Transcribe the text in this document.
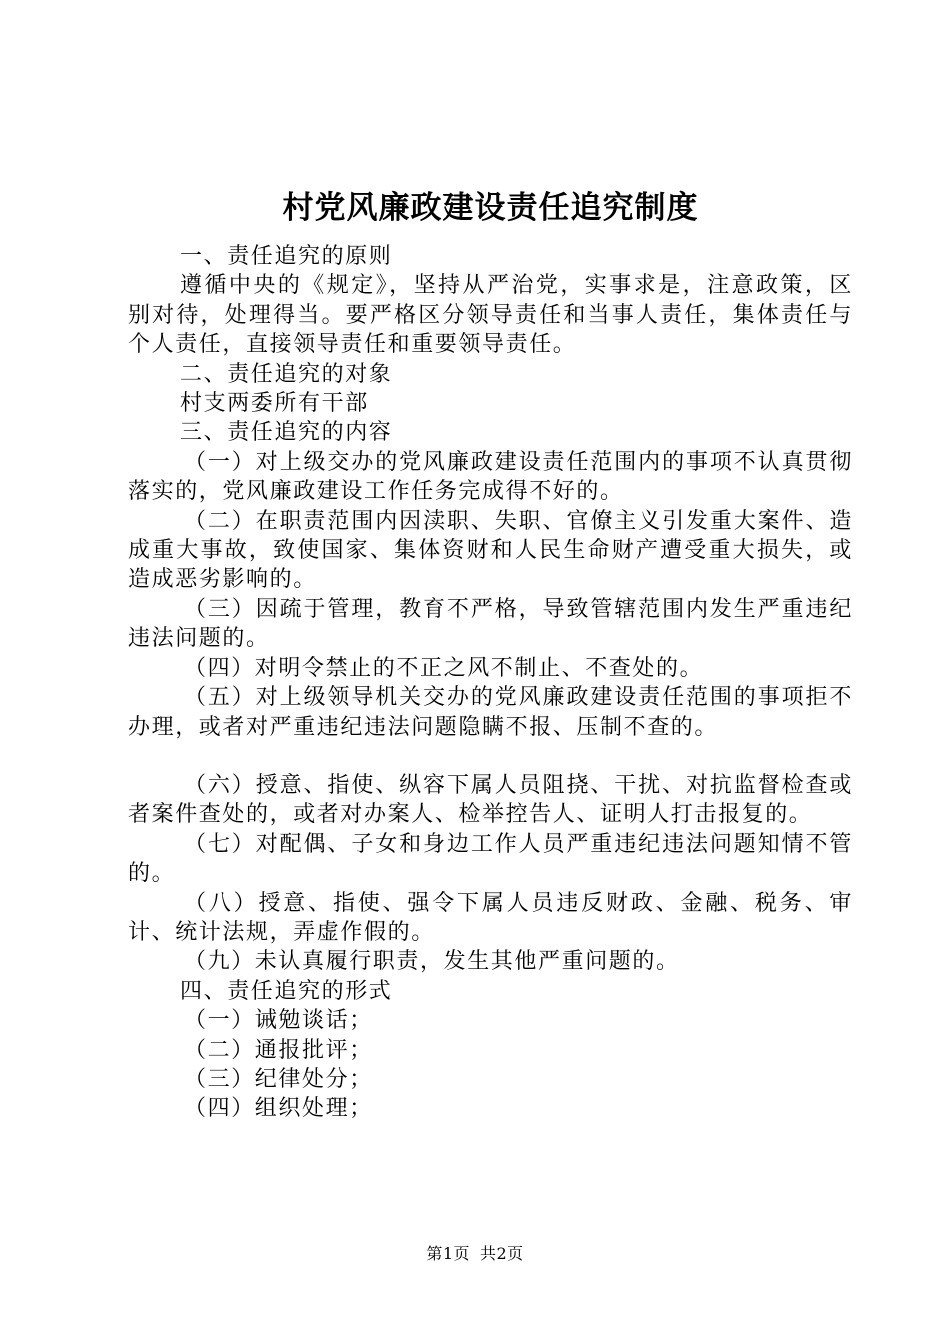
村党风廉政建设责任追究制度

一、责任追究的原则

遵循中央的《规定》，坚持从严治党，实事求是，注意政策，区别对待，处理得当。要严格区分领导责任和当事人责任，集体责任与个人责任，直接领导责任和重要领导责任。

二、责任追究的对象

村支两委所有干部

三、责任追究的内容

（一）对上级交办的党风廉政建设责任范围内的事项不认真贯彻落实的，党风廉政建设工作任务完成得不好的。

（二）在职责范围内因渎职、失职、官僚主义引发重大案件、造成重大事故，致使国家、集体资财和人民生命财产遭受重大损失，或造成恶劣影响的。

（三）因疏于管理，教育不严格，导致管辖范围内发生严重违纪违法问题的。

（四）对明令禁止的不正之风不制止、不查处的。

（五）对上级领导机关交办的党风廉政建设责任范围的事项拒不办理，或者对严重违纪违法问题隐瞒不报、压制不查的。

（六）授意、指使、纵容下属人员阻挠、干扰、对抗监督检查或者案件查处的，或者对办案人、检举控告人、证明人打击报复的。

（七）对配偶、子女和身边工作人员严重违纪违法问题知情不管的。

（八）授意、指使、强令下属人员违反财政、金融、税务、审计、统计法规，弄虚作假的。

（九）未认真履行职责，发生其他严重问题的。

四、责任追究的形式

（一）诫勉谈话；

（二）通报批评；

（三）纪律处分；

（四）组织处理；

第1页 共2页
